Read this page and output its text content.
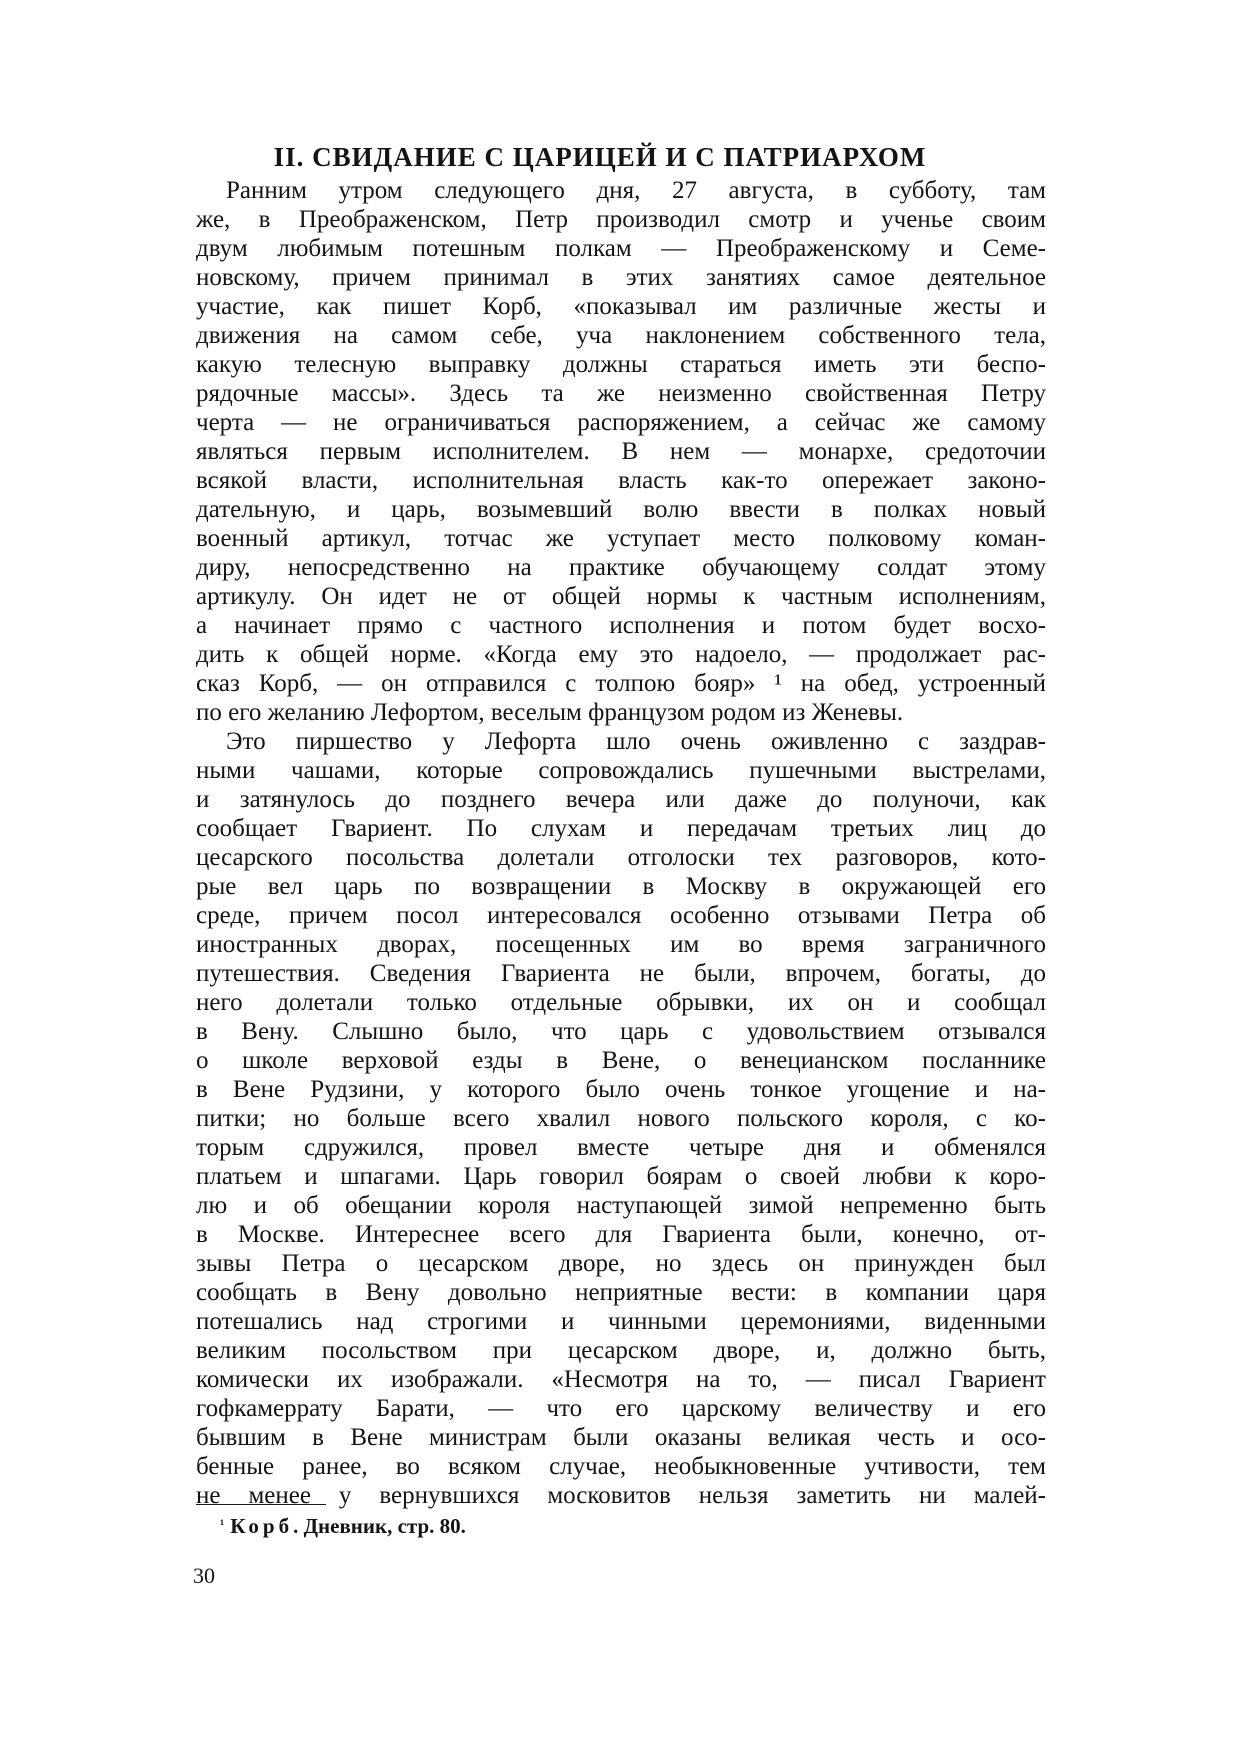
II. СВИДАНИЕ С ЦАРИЦЕЙ И С ПАТРИАРХОМ
Ранним утром следующего дня, 27 августа, в субботу, там
же, в Преображенском, Петр производил смотр и ученье своим
двум любимым потешным полкам — Преображенскому и Семе-
новскому, причем принимал в этих занятиях самое деятельное
участие, как пишет Корб, «показывал им различные жесты и
движения на самом себе, уча наклонением собственного тела,
какую телесную выправку должны стараться иметь эти беспо-
рядочные массы». Здесь та же неизменно свойственная Петру
черта — не ограничиваться распоряжением, а сейчас же самому
являться первым исполнителем. В нем — монархе, средоточии
всякой власти, исполнительная власть как-то опережает законо-
дательную, и царь, возымевший волю ввести в полках новый
военный артикул, тотчас же уступает место полковому коман-
диру, непосредственно на практике обучающему солдат этому
артикулу. Он идет не от общей нормы к частным исполнениям,
а начинает прямо с частного исполнения и потом будет восхо-
дить к общей норме. «Когда ему это надоело, — продолжает рас-
сказ Корб, — он отправился с толпою бояр» ¹ на обед, устроенный
по его желанию Лефортом, веселым французом родом из Женевы.
Это пиршество у Лефорта шло очень оживленно с заздрав-
ными чашами, которые сопровождались пушечными выстрелами,
и затянулось до позднего вечера или даже до полуночи, как
сообщает Гвариент. По слухам и передачам третьих лиц до
цесарского посольства долетали отголоски тех разговоров, кото-
рые вел царь по возвращении в Москву в окружающей его
среде, причем посол интересовался особенно отзывами Петра об
иностранных дворах, посещенных им во время заграничного
путешествия. Сведения Гвариента не были, впрочем, богаты, до
него долетали только отдельные обрывки, их он и сообщал
в Вену. Слышно было, что царь с удовольствием отзывался
о школе верховой езды в Вене, о венецианском посланнике
в Вене Рудзини, у которого было очень тонкое угощение и на-
питки; но больше всего хвалил нового польского короля, с ко-
торым сдружился, провел вместе четыре дня и обменялся
платьем и шпагами. Царь говорил боярам о своей любви к коро-
лю и об обещании короля наступающей зимой непременно быть
в Москве. Интереснее всего для Гвариента были, конечно, от-
зывы Петра о цесарском дворе, но здесь он принужден был
сообщать в Вену довольно неприятные вести: в компании царя
потешались над строгими и чинными церемониями, виденными
великим посольством при цесарском дворе, и, должно быть,
комически их изображали. «Несмотря на то, — писал Гвариент
гофкамеррату Барати, — что его царскому величеству и его
бывшим в Вене министрам были оказаны великая честь и осо-
бенные ранее, во всяком случае, необыкновенные учтивости, тем
не менее у вернувшихся московитов нельзя заметить ни малей-
$^{^1}$ Корб. Дневник, стр. 80.
30
